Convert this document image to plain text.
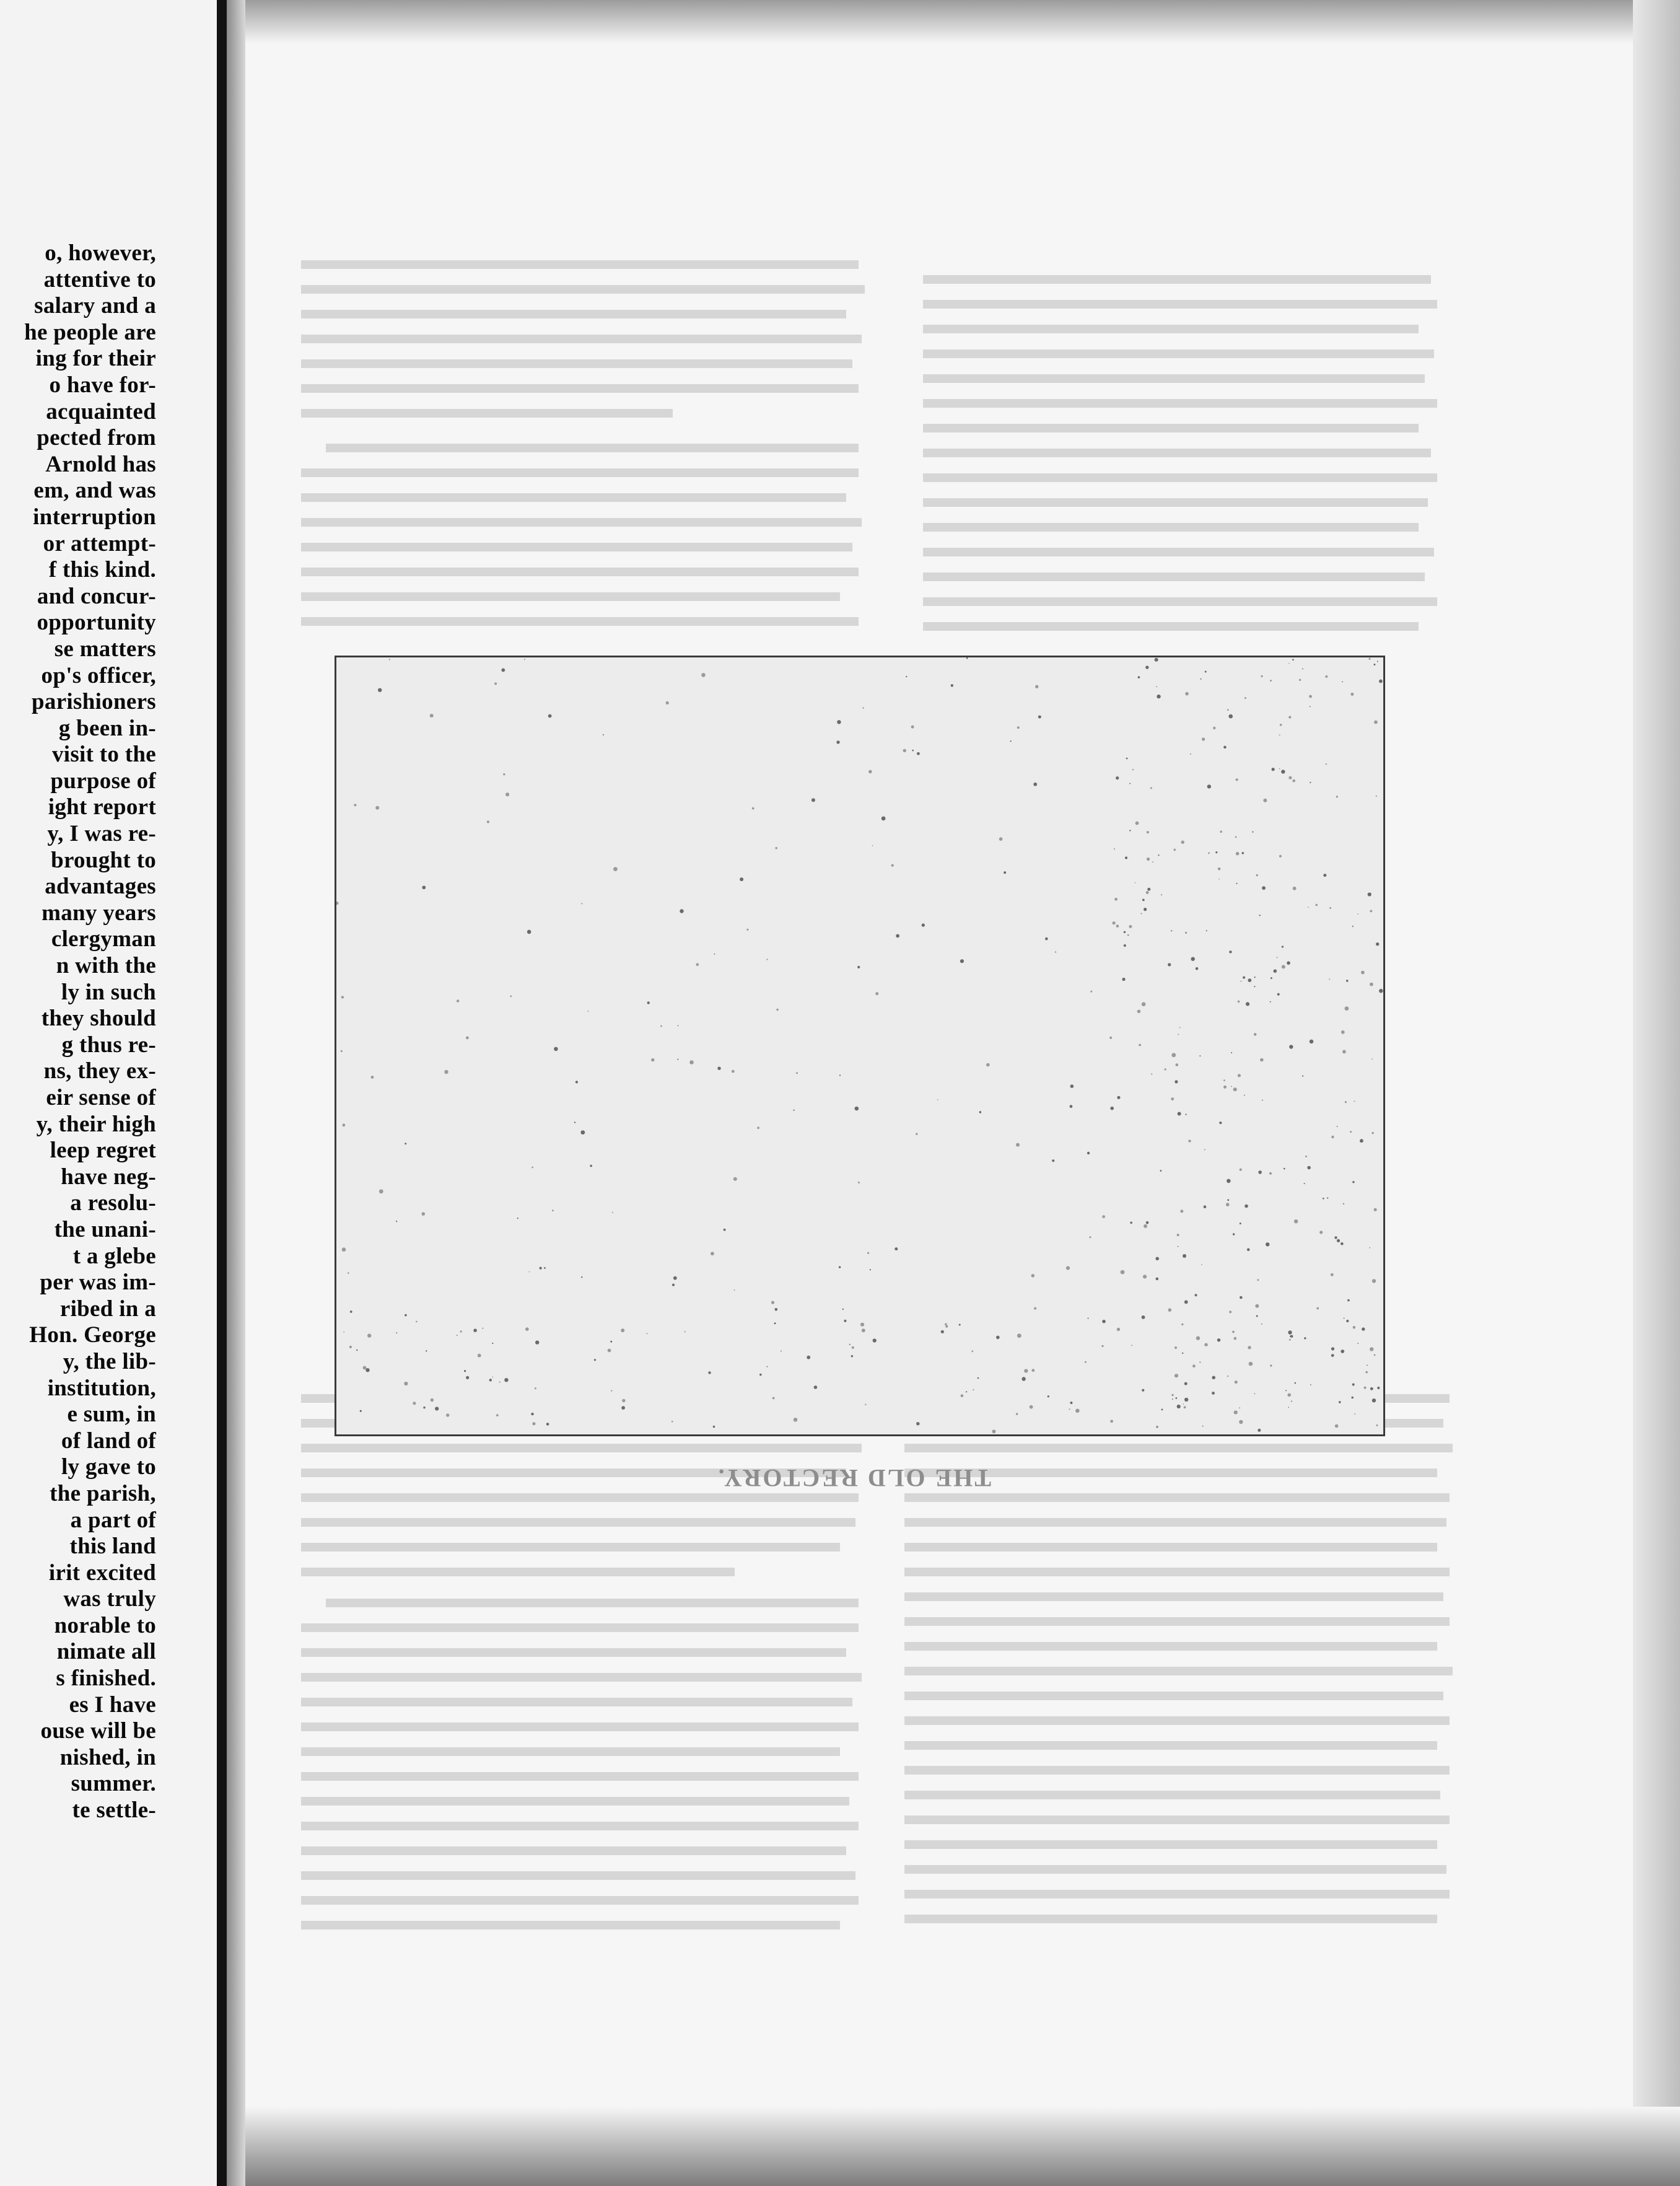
o, however,
attentive to
salary and a
he people are
ing for their
o have for-
acquainted
pected from
Arnold has
em, and was
interruption
or attempt-
f this kind.
and concur-
opportunity
se matters
op's officer,
parishioners
g been in-
visit to the
purpose of
ight report
y, I was re-
brought to
advantages
many years
clergyman
n with the
ly in such
they should
g thus re-
ns, they ex-
eir sense of
y, their high
leep regret
have neg-
a resolu-
the unani-
t a glebe
per was im-
ribed in a
Hon. George
y, the lib-
institution,
e sum, in
of land of
ly gave to
the parish,
a part of
this land
irit excited
was truly
norable to
nimate all
s finished.
es I have
ouse will be
nished, in
summer.
te settle-
THE OLD RECTORY.
